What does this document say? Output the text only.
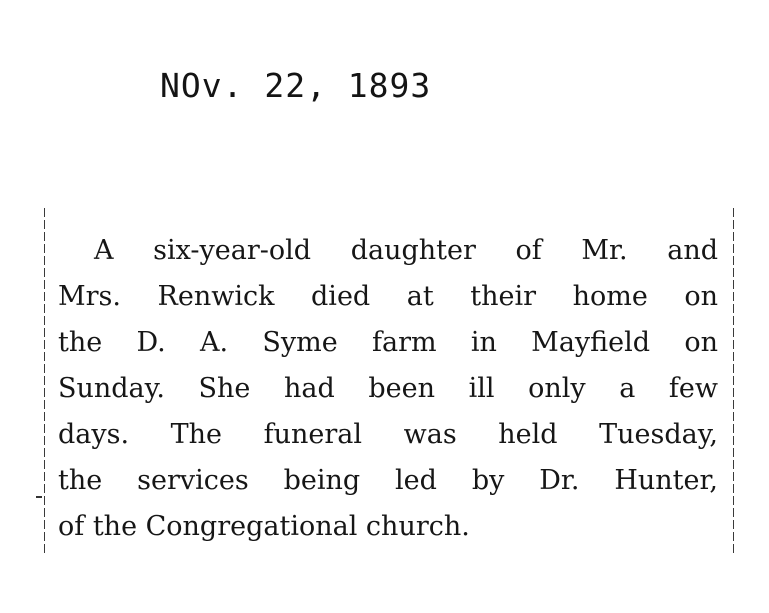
NOv. 22, 1893

A six-year-old daughter of Mr. and
Mrs. Renwick died at their home on
the D. A. Syme farm in Mayfield on
Sunday. She had been ill only a few
days. The funeral was held Tuesday,
the services being led by Dr. Hunter,
of the Congregational church.
